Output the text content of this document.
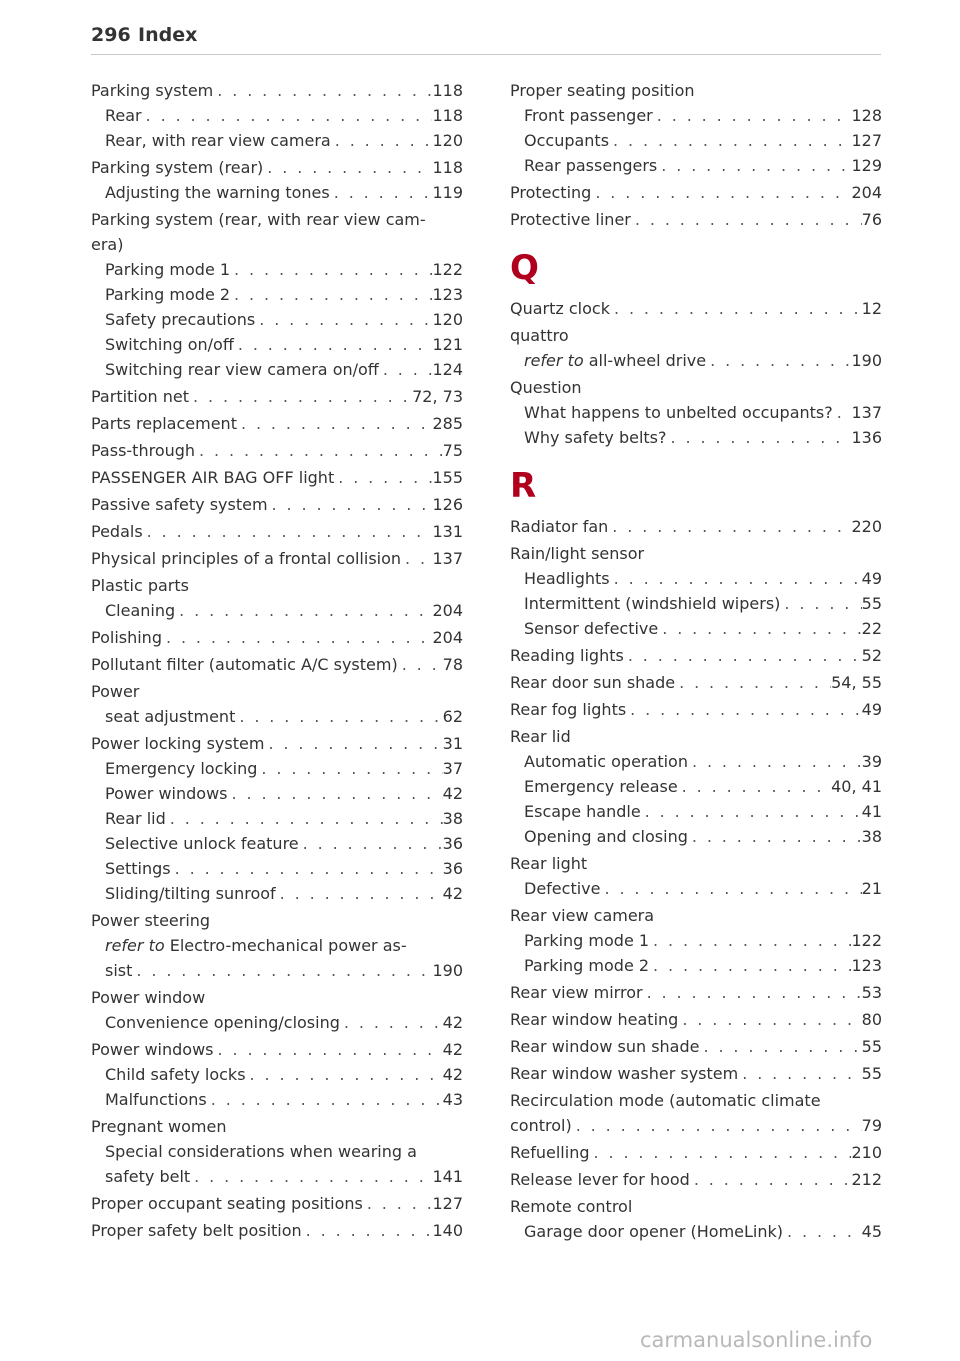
296 Index
Parking system . . .	118
Rear . . .	118
Rear, with rear view camera . . .	120
Parking system (rear) . . .	118
Adjusting the warning tones . . .	119
Parking system (rear, with rear view cam-
era)
Parking mode 1 . . .	122
Parking mode 2 . . .	123
Safety precautions . . .	120
Switching on/off . . .	121
Switching rear view camera on/off . . .	124
Partition net . . .	72, 73
Parts replacement . . .	285
Pass-through . . .	75
PASSENGER AIR BAG OFF light . . .	155
Passive safety system . . .	126
Pedals . . .	131
Physical principles of a frontal collision . . . 137
Plastic parts
Cleaning . . .	204
Polishing . . .	204
Pollutant filter (automatic A/C system) . . .	78
Power
seat adjustment . . .	62
Power locking system . . .	31
Emergency locking . . .	37
Power windows . . .	42
Rear lid . . .	38
Selective unlock feature . . .	36
Settings . . .	36
Sliding/tilting sunroof . . .	42
Power steering
refer to Electro-mechanical power as-
sist . . .	190
Power window
Convenience opening/closing . . .	42
Power windows . . .	42
Child safety locks . . .	42
Malfunctions . . .	43
Pregnant women
Special considerations when wearing a
safety belt . . .	141
Proper occupant seating positions . . .	127
Proper safety belt position . . .	140
Proper seating position
Front passenger . . .	128
Occupants . . .	127
Rear passengers . . .	129
Protecting . . .	204
Protective liner . . .	76
Q
Quartz clock . . .	12
quattro
refer to all-wheel drive . . .	190
Question
What happens to unbelted occupants? . . . 137
Why safety belts? . . .	136
R
Radiator fan . . .	220
Rain/light sensor
Headlights . . .	49
Intermittent (windshield wipers) . . .	55
Sensor defective . . .	22
Reading lights . . .	52
Rear door sun shade . . .	54, 55
Rear fog lights . . .	49
Rear lid
Automatic operation . . .	39
Emergency release . . .	40, 41
Escape handle . . .	41
Opening and closing . . .	38
Rear light
Defective . . .	21
Rear view camera
Parking mode 1 . . .	122
Parking mode 2 . . .	123
Rear view mirror . . .	53
Rear window heating . . .	80
Rear window sun shade . . .	55
Rear window washer system . . .	55
Recirculation mode (automatic climate
control) . . .	79
Refuelling . . .	210
Release lever for hood . . .	212
Remote control
Garage door opener (HomeLink) . . .	45
carmanualsonline.info
